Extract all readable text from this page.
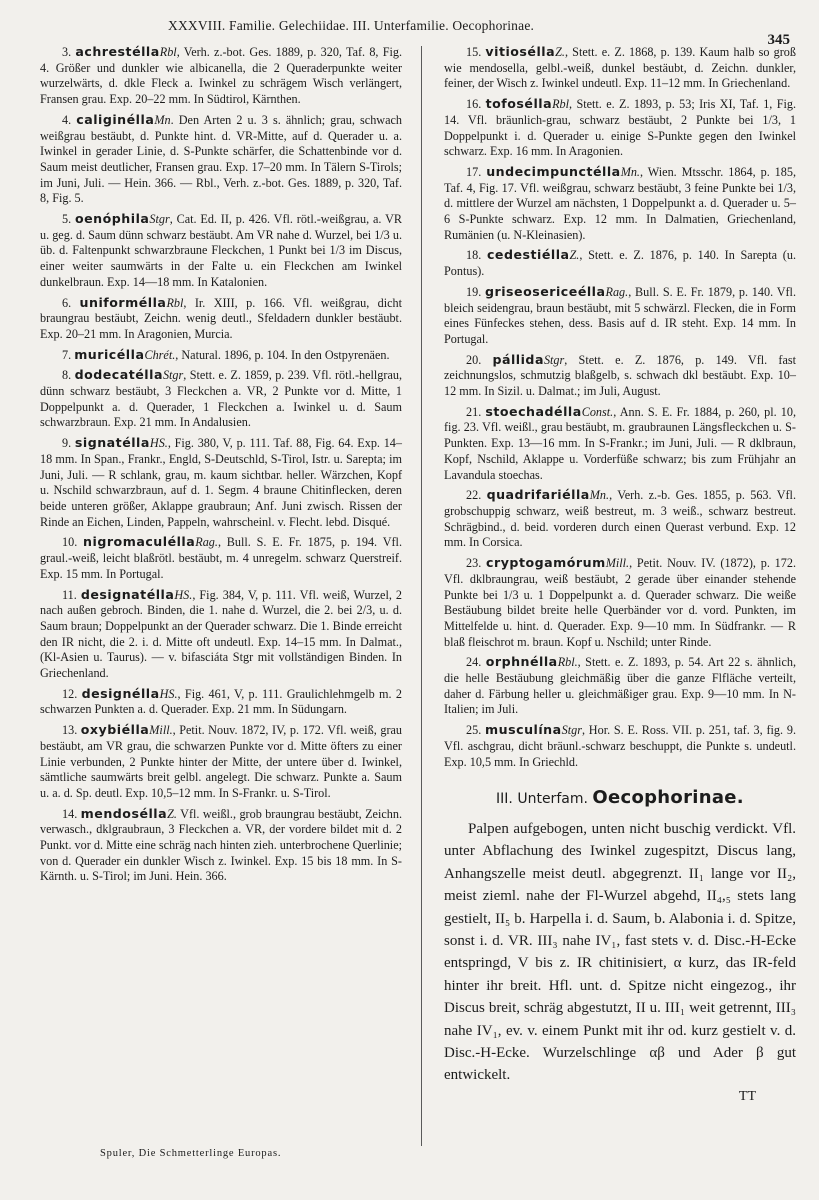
XXXVIII. Familie. Gelechiidae. III. Unterfamilie. Oecophorinae.
345

3. achrestéllaRbl, Verh. z.-bot. Ges. 1889, p. 320, Taf. 8, Fig. 4. Größer und dunkler wie albicanella, die 2 Queraderpunkte weiter wurzelwärts, d. dkle Fleck a. Iwinkel zu schrägem Wisch verlängert, Fransen grau. Exp. 20–22 mm. In Südtirol, Kärnthen.

4. caliginéllaMn. Den Arten 2 u. 3 s. ähnlich; grau, schwach weißgrau bestäubt, d. Punkte hint. d. VR-Mitte, auf d. Querader u. a. Iwinkel in gerader Linie, d. S-Punkte schärfer, die Schattenbinde vor d. Saum meist deutlicher, Fransen grau. Exp. 17–20 mm. In Tälern S-Tirols; im Juni, Juli. — Hein. 366. — Rbl., Verh. z.-bot. Ges. 1889, p. 320, Taf. 8, Fig. 5.

5. oenóphilaStgr, Cat. Ed. II, p. 426. Vfl. rötl.-weißgrau, a. VR u. geg. d. Saum dünn schwarz bestäubt. Am VR nahe d. Wurzel, bei 1/3 u. üb. d. Faltenpunkt schwarzbraune Fleckchen, 1 Punkt bei 1/3 im Discus, einer weiter saumwärts in der Falte u. ein Fleckchen am Iwinkel dunkelbraun. Exp. 14—18 mm. In Katalonien.

6. uniforméllaRbl, Ir. XIII, p. 166. Vfl. weißgrau, dicht braungrau bestäubt, Zeichn. wenig deutl., Sfeldadern dunkler bestäubt. Exp. 20–21 mm. In Aragonien, Murcia.

7. muricéllaChrét., Natural. 1896, p. 104. In den Ostpyrenäen.

8. dodecatéllaStgr, Stett. e. Z. 1859, p. 239. Vfl. rötl.-hellgrau, dünn schwarz bestäubt, 3 Fleckchen a. VR, 2 Punkte vor d. Mitte, 1 Doppelpunkt a. d. Querader, 1 Fleckchen a. Iwinkel u. d. Saum schwarzbraun. Exp. 21 mm. In Andalusien.

9. signatéllaHS., Fig. 380, V, p. 111. Taf. 88, Fig. 64. Exp. 14–18 mm. In Span., Frankr., Engld, S-Deutschld, S-Tirol, Istr. u. Sarepta; im Juni, Juli. — R schlank, grau, m. kaum sichtbar. heller. Wärzchen, Kopf u. Nschild schwarzbraun, auf d. 1. Segm. 4 braune Chitinflecken, deren beide unteren größer, Aklappe graubraun; Anf. Juni zwisch. Rissen der Rinde an Eichen, Linden, Pappeln, wahrscheinl. v. Flecht. lebd. Disqué.

10. nigromaculéllaRag., Bull. S. E. Fr. 1875, p. 194. Vfl. graul.-weiß, leicht blaßrötl. bestäubt, m. 4 unregelm. schwarz Querstreif. Exp. 15 mm. In Portugal.

11. designatéllaHS., Fig. 384, V, p. 111. Vfl. weiß, Wurzel, 2 nach außen gebroch. Binden, die 1. nahe d. Wurzel, die 2. bei 2/3, u. d. Saum braun; Doppelpunkt an der Querader schwarz. Die 1. Binde erreicht den IR nicht, die 2. i. d. Mitte oft undeutl. Exp. 14–15 mm. In Dalmat., (Kl-Asien u. Taurus). — v. bifasciáta Stgr mit vollständigen Binden. In Griechenland.

12. designéllaHS., Fig. 461, V, p. 111. Graulichlehmgelb m. 2 schwarzen Punkten a. d. Querader. Exp. 21 mm. In Südungarn.

13. oxybiéllaMill., Petit. Nouv. 1872, IV, p. 172. Vfl. weiß, grau bestäubt, am VR grau, die schwarzen Punkte vor d. Mitte öfters zu einer Linie verbunden, 2 Punkte hinter der Mitte, der untere über d. Iwinkel, sämtliche saumwärts breit gelbl. angelegt. Die schwarz. Punkte a. Saum u. a. d. Sp. deutl. Exp. 10,5–12 mm. In S-Frankr. u. S-Tirol.

14. mendoséllaZ. Vfl. weißl., grob braungrau bestäubt, Zeichn. verwasch., dklgraubraun, 3 Fleckchen a. VR, der vordere bildet mit d. 2 Punkt. vor d. Mitte eine schräg nach hinten zieh. unterbrochene Querlinie; von d. Querader ein dunkler Wisch z. Iwinkel. Exp. 15 bis 18 mm. In S-Kärnth. u. S-Tirol; im Juni. Hein. 366.

15. vitioséllaZ., Stett. e. Z. 1868, p. 139. Kaum halb so groß wie mendosella, gelbl.-weiß, dunkel bestäubt, d. Zeichn. dunkler, feiner, der Wisch z. Iwinkel undeutl. Exp. 11–12 mm. In Griechenland.

16. tofoséllaRbl, Stett. e. Z. 1893, p. 53; Iris XI, Taf. 1, Fig. 14. Vfl. bräunlich-grau, schwarz bestäubt, 2 Punkte bei 1/3, 1 Doppelpunkt i. d. Querader u. einige S-Punkte gegen den Iwinkel schwarz. Exp. 16 mm. In Aragonien.

17. undecimpunctéllaMn., Wien. Mtsschr. 1864, p. 185, Taf. 4, Fig. 17. Vfl. weißgrau, schwarz bestäubt, 3 feine Punkte bei 1/3, d. mittlere der Wurzel am nächsten, 1 Doppelpunkt a. d. Querader u. 5–6 S-Punkte schwarz. Exp. 12 mm. In Dalmatien, Griechenland, Rumänien (u. N-Kleinasien).

18. cedestiéllaZ., Stett. e. Z. 1876, p. 140. In Sarepta (u. Pontus).

19. griseosericeéllaRag., Bull. S. E. Fr. 1879, p. 140. Vfl. bleich seidengrau, braun bestäubt, mit 5 schwärzl. Flecken, die in Form eines Fünfeckes stehen, dess. Basis auf d. IR steht. Exp. 14 mm. In Portugal.

20. pállidaStgr, Stett. e. Z. 1876, p. 149. Vfl. fast zeichnungslos, schmutzig blaßgelb, s. schwach dkl bestäubt. Exp. 10–12 mm. In Sizil. u. Dalmat.; im Juli, August.

21. stoechadéllaConst., Ann. S. E. Fr. 1884, p. 260, pl. 10, fig. 23. Vfl. weißl., grau bestäubt, m. graubraunen Längsfleckchen u. S-Punkten. Exp. 13—16 mm. In S-Frankr.; im Juni, Juli. — R dklbraun, Kopf, Nschild, Aklappe u. Vorderfüße schwarz; bis zum Frühjahr an Lavandula stoechas.

22. quadrifariéllaMn., Verh. z.-b. Ges. 1855, p. 563. Vfl. grobschuppig schwarz, weiß bestreut, m. 3 weiß., schwarz bestreut. Schrägbind., d. beid. vorderen durch einen Querast verbund. Exp. 12 mm. In Corsica.

23. cryptogamórumMill., Petit. Nouv. IV. (1872), p. 172. Vfl. dklbraungrau, weiß bestäubt, 2 gerade über einander stehende Punkte bei 1/3 u. 1 Doppelpunkt a. d. Querader schwarz. Die weiße Bestäubung bildet breite helle Querbänder vor d. vord. Punkten, im Mittelfelde u. hint. d. Querader. Exp. 9—10 mm. In Südfrankr. — R blaß fleischrot m. braun. Kopf u. Nschild; unter Rinde.

24. orphnéllaRbl., Stett. e. Z. 1893, p. 54. Art 22 s. ähnlich, die helle Bestäubung gleichmäßig über die ganze Flfläche verteilt, daher d. Färbung heller u. gleichmäßiger grau. Exp. 9—10 mm. In N-Italien; im Juli.

25. musculínaStgr, Hor. S. E. Ross. VII. p. 251, taf. 3, fig. 9. Vfl. aschgrau, dicht bräunl.-schwarz beschuppt, die Punkte s. undeutl. Exp. 10,5 mm. In Griechld.

III. Unterfam. Oecophorinae.

Palpen aufgebogen, unten nicht buschig verdickt. Vfl. unter Abflachung des Iwinkel zugespitzt, Discus lang, Anhangszelle meist deutl. abgegrenzt. II₁ lange vor II₂, meist zieml. nahe der Fl-Wurzel abgehd, II₄,₅ stets lang gestielt, II₅ b. Harpella i. d. Saum, b. Alabonia i. d. Spitze, sonst i. d. VR. III₃ nahe IV₁, fast stets v. d. Disc.-H-Ecke entspringd, V bis z. IR chitinisiert, α kurz, das IR-feld hinter ihr breit. Hfl. unt. d. Spitze nicht eingezog., ihr Discus breit, schräg abgestutzt, II u. III₁ weit getrennt, III₃ nahe IV₁, ev. v. einem Punkt mit ihr od. kurz gestielt v. d. Disc.-H-Ecke. Wurzelschlinge αβ und Ader β gut entwickelt.

TT
Spuler, Die Schmetterlinge Europas.
